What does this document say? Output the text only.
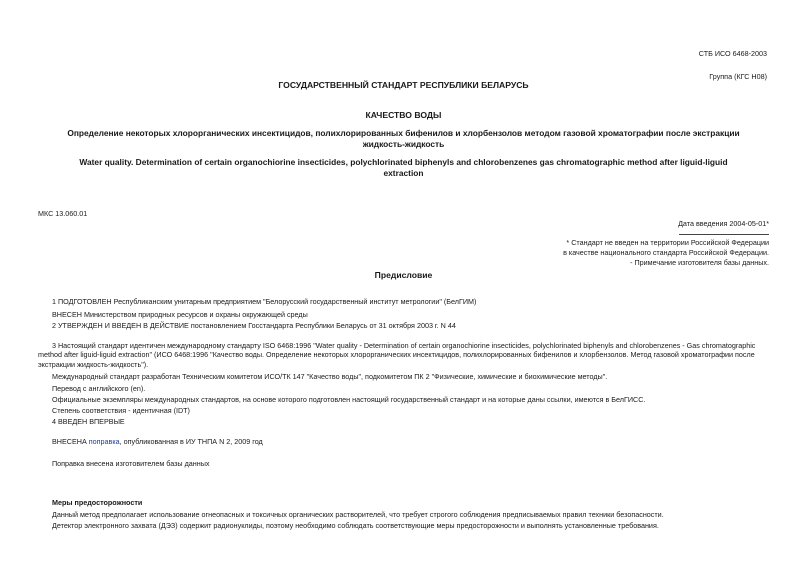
СТБ ИСО 6468-2003
Группа (КГС Н08)
ГОСУДАРСТВЕННЫЙ СТАНДАРТ РЕСПУБЛИКИ БЕЛАРУСЬ
КАЧЕСТВО ВОДЫ
Определение некоторых хлорорганических инсектицидов, полихлорированных бифенилов и хлорбензолов методом газовой хроматографии после экстракции
жидкость-жидкость
Water quality. Determination of certain organochiorine insecticides, polychlorinated biphenyls and chlorobenzenes gas chromatographic method after liguid-liguid
extraction
МКС 13.060.01
Дата введения 2004-05-01*
* Стандарт не введен на территории Российской Федерации
в качестве национального стандарта Российской Федерации.
- Примечание изготовителя базы данных.
Предисловие
1 ПОДГОТОВЛЕН Республиканским унитарным предприятием "Белорусский государственный институт метрологии" (БелГИМ)
ВНЕСЕН Министерством природных ресурсов и охраны окружающей среды
2 УТВЕРЖДЕН И ВВЕДЕН В ДЕЙСТВИЕ постановлением Госстандарта Республики Беларусь от 31 октября 2003 г. N 44
3 Настоящий стандарт идентичен международному стандарту ISO 6468:1996 "Water quality - Determination of certain organochiorine insecticides, polychlorinated biphenyls and chlorobenzenes - Gas chromatographic method after liguid-liguid extraction" (ИСО 6468:1996 "Качество воды. Определение некоторых хлорорганических инсектицидов, полихлорированных бифенилов и хлорбензолов. Метод газовой хроматографии после экстракции жидкость-жидкость").
Международный стандарт разработан Техническим комитетом ИСО/ТК 147 "Качество воды", подкомитетом ПК 2 "Физические, химические и биохимические методы".
Перевод с английского (en).
Официальные экземпляры международных стандартов, на основе которого подготовлен настоящий государственный стандарт и на которые даны ссылки, имеются в БелГИСС.
Степень соответствия - идентичная (IDT)
4 ВВЕДЕН ВПЕРВЫЕ
ВНЕСЕНА поправка, опубликованная в ИУ ТНПА N 2, 2009 год
Поправка внесена изготовителем базы данных
Меры предосторожности
Данный метод предполагает использование огнеопасных и токсичных органических растворителей, что требует строгого соблюдения предписываемых правил техники безопасности.
Детектор электронного захвата (ДЭЗ) содержит радионуклиды, поэтому необходимо соблюдать соответствующие меры предосторожности и выполнять установленные требования.
